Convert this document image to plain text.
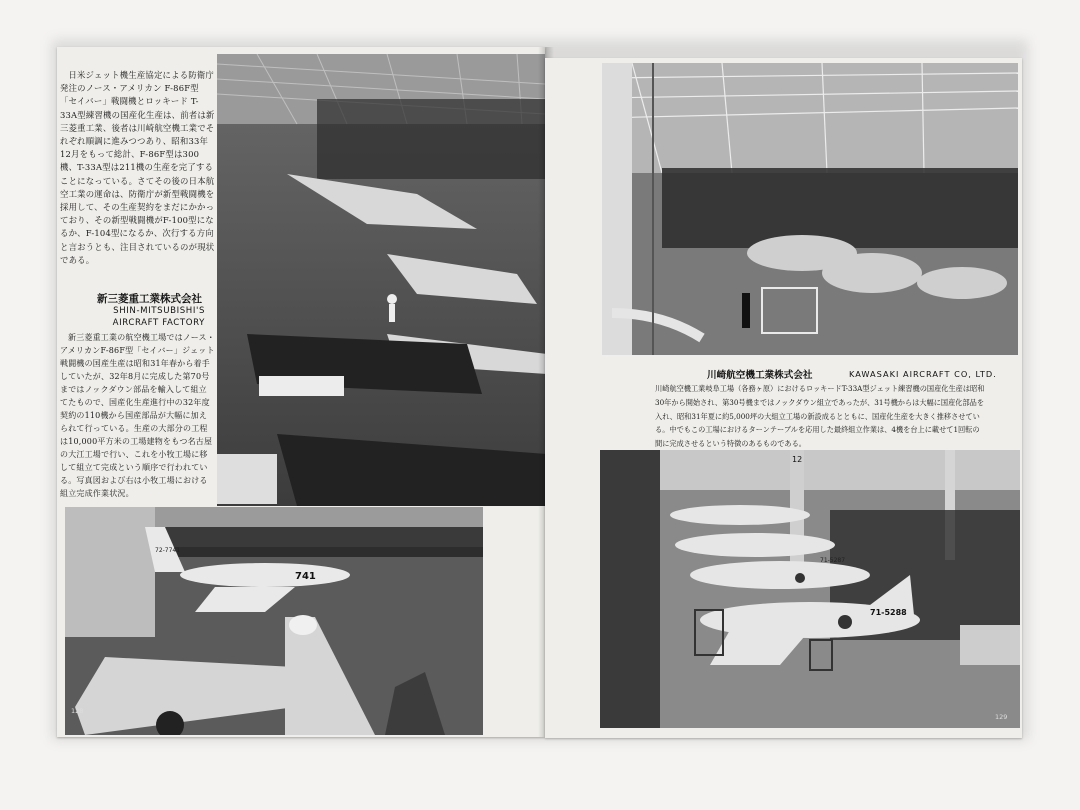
日米ジェット機生産協定による防衛庁発注のノース・アメリカン F-86F型「セイバー」戦闘機とロッキード T-33A型練習機の国産化生産は、前者は新三菱重工業、後者は川崎航空機工業でそれぞれ順調に進みつつあり、昭和33年12月をもって総計、F-86F型は300機、T-33A型は211機の生産を完了することになっている。さてその後の日本航空工業の運命は、防衛庁が新型戦闘機を採用して、その生産契約をまだにかかっており、その新型戦闘機がF-100型になるか、F-104型になるか、次行する方向と言おうとも、注目されているのが現状である。

新三菱重工業株式会社
SHIN-MITSUBISHI'S
AIRCRAFT FACTORY

新三菱重工業の航空機工場ではノース・アメリカンF-86F型「セイバー」ジェット戦闘機の国産生産は昭和31年春から着手していたが、32年8月に完成した第70号まではノックダウン部品を輸入して組立てたもので、国産化生産進行中の32年度契約の110機から国産部品が大幅に加えられて行っている。生産の大部分の工程は10,000平方米の工場建物をもつ名古屋の大江工場で行い、これを小牧工場に移して組立て完成という順序で行われている。写真図および右は小牧工場における組立完成作業状況。

741
72-7741
128
川崎航空機工業株式会社	KAWASAKI AIRCRAFT CO, LTD.
川崎航空機工業岐阜工場（各務ヶ原）におけるロッキードT-33A型ジェット練習機の国産化生産は昭和30年から開始され、第30号機まではノックダウン組立であったが、31号機からは大幅に国産化部品を入れ、昭和31年夏に約5,000坪の大組立工場の新設成るとともに、国産化生産を大きく推移させている。中でもこの工場におけるターンテーブルを応用した最終組立作業は、4機を台上に載せて1回転の間に完成させるという特徴のあるものである。
12
71-5288
71-5287
129
